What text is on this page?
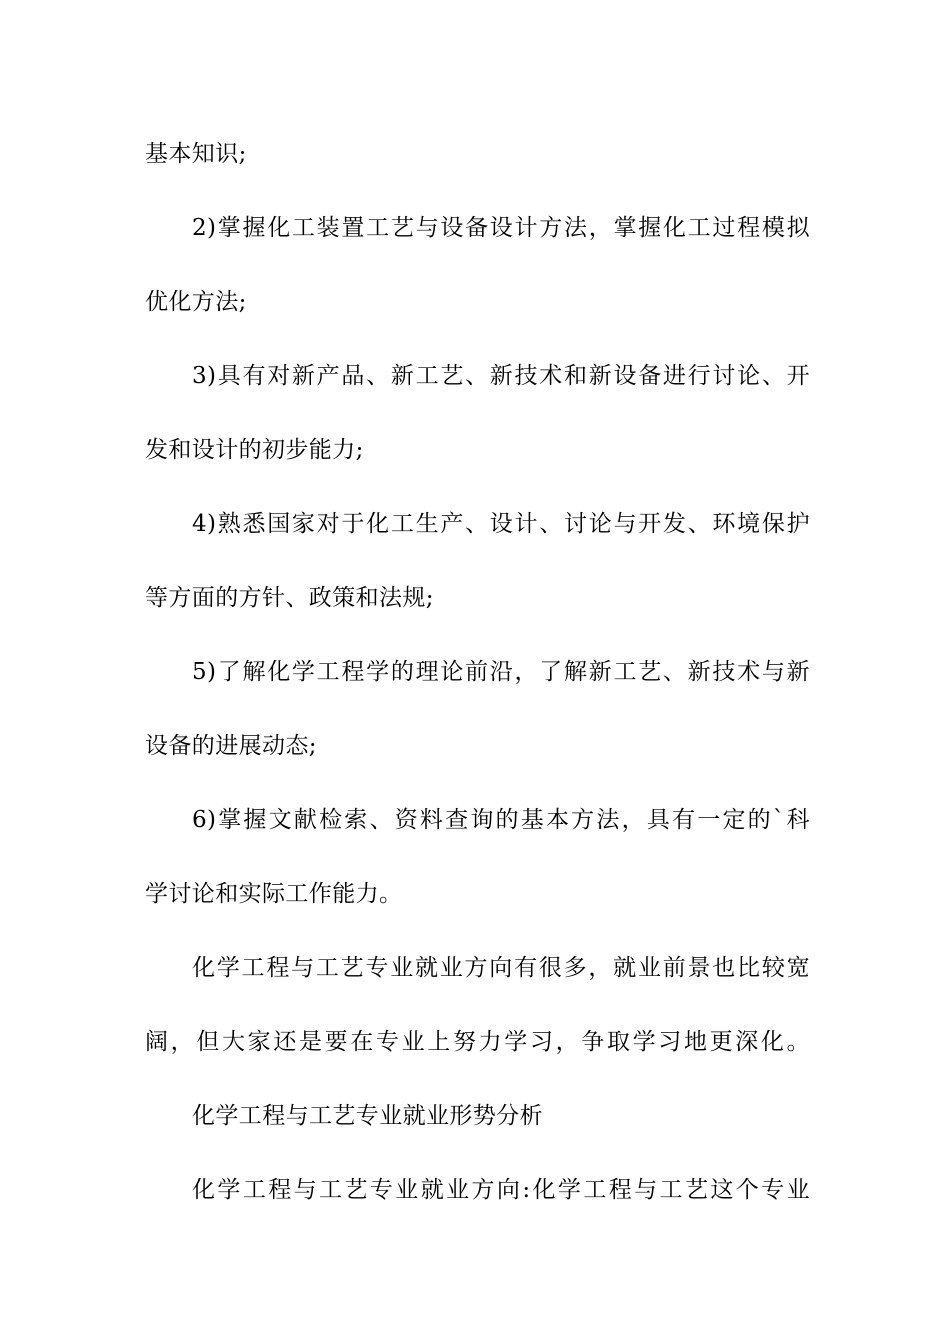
基本知识;
2)掌握化工装置工艺与设备设计方法，掌握化工过程模拟
优化方法;
3)具有对新产品、新工艺、新技术和新设备进行讨论、开
发和设计的初步能力;
4)熟悉国家对于化工生产、设计、讨论与开发、环境保护
等方面的方针、政策和法规;
5)了解化学工程学的理论前沿，了解新工艺、新技术与新
设备的进展动态;
6)掌握文献检索、资料查询的基本方法，具有一定的`科
学讨论和实际工作能力。
化学工程与工艺专业就业方向有很多，就业前景也比较宽
阔，但大家还是要在专业上努力学习，争取学习地更深化。
化学工程与工艺专业就业形势分析
化学工程与工艺专业就业方向:化学工程与工艺这个专业
